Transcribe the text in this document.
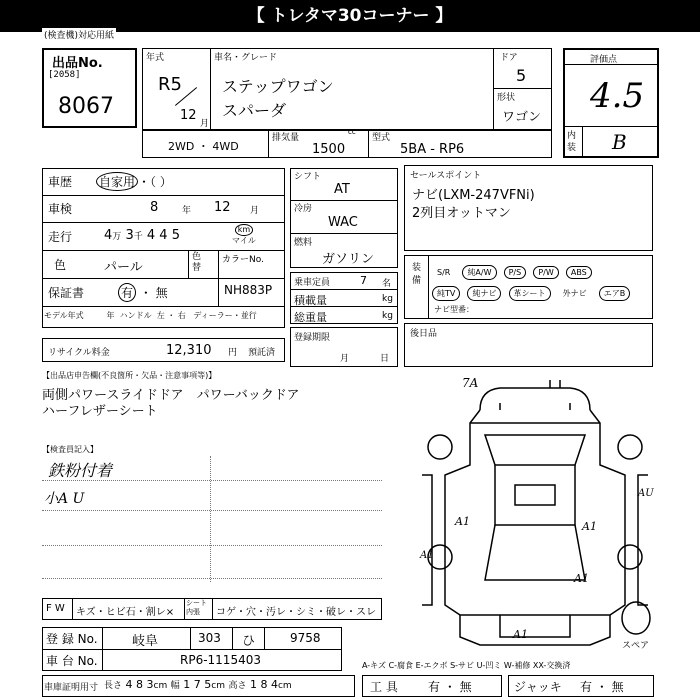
【 トレタマ30コーナー 】
(検査機)対応用紙
出品No.
[2058]
8067
年式
R5
12
月
車名・グレード
ステップワゴン
スパーダ
ドア
5
形状
ワゴン
評価点
4.5
内装 B
2WD ・ 4WD
排気量
cc
1500
型式
5BA - RP6
車歴 自家用 ・（ ）
車検	8	年 12 月
走行 4万 3千 4 4 5	km
マイル
色	パール
色替
カラーNo.
保証書	有 ・ 無	NH883P
モデル年式	年 ハンドル 左 ・ 右 ディーラー・並行
シフト
AT
冷房
WAC
燃料
ガソリン
乗車定員	7 名
積載量	kg
総重量	kg
セールスポイント
ナビ(LXM-247VFNi)
2列目オットマン
装備
S/R 純A/W P/S P/W ABS
純TV 純ナビ 革シート 外ナビ エアB
ナビ型番：
リサイクル料金	12,310 円 預託済
登録期限
月	日
後日品
【出品店申告欄(不良箇所・欠品・注意事項等)】
両側パワースライドドア　パワーバックドア
ハーフレザーシート
【検査員記入】
鉄粉付着
小A U
7A
A1	A1
A1
A1
AU
A1
スペア
F W キズ・ヒビ石・割レ×
シート内張	コゲ・穴・汚レ・シミ・破レ・スレ
登 録 No.	岐阜	303 ひ	9758
車 台 No.	RP6-1115403	A-キズ C-腐食 E-エクボ S-サビ U-凹ミ W-補修 XX-交換済
車庫証明用寸 長さ 4 8 3cm 幅 1 7 5cm 高さ 1 8 4cm	工 具	有 ・ 無	ジャッキ 有 ・ 無
